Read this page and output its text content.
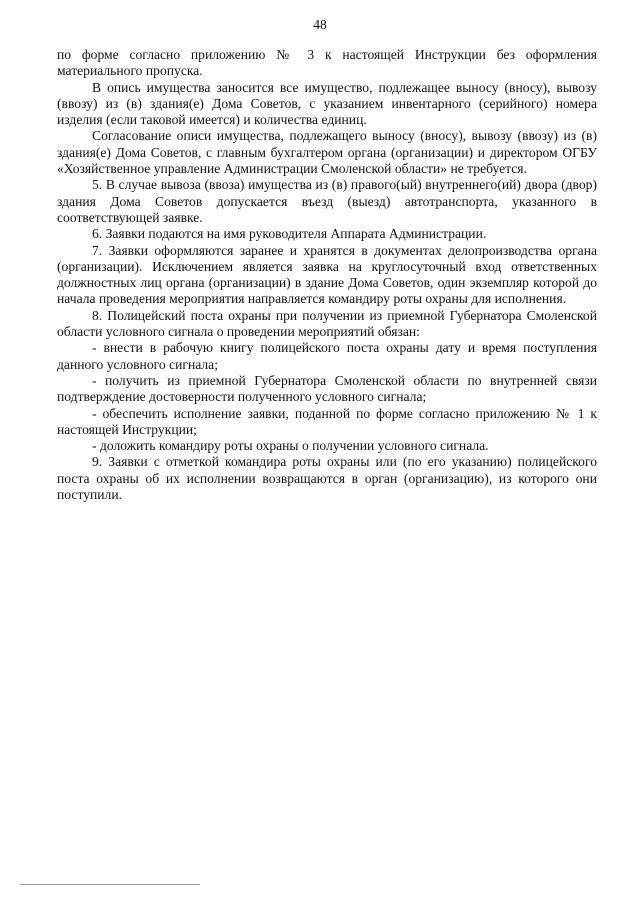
48

по форме согласно приложению № 3 к настоящей Инструкции без оформления материального пропуска.

В опись имущества заносится все имущество, подлежащее выносу (вносу), вывозу (ввозу) из (в) здания(е) Дома Советов, с указанием инвентарного (серийного) номера изделия (если таковой имеется) и количества единиц.

Согласование описи имущества, подлежащего выносу (вносу), вывозу (ввозу) из (в) здания(е) Дома Советов, с главным бухгалтером органа (организации) и директором ОГБУ «Хозяйственное управление Администрации Смоленской области» не требуется.

5. В случае вывоза (ввоза) имущества из (в) правого(ый) внутреннего(ий) двора (двор) здания Дома Советов допускается въезд (выезд) автотранспорта, указанного в соответствующей заявке.

6. Заявки подаются на имя руководителя Аппарата Администрации.

7. Заявки оформляются заранее и хранятся в документах делопроизводства органа (организации). Исключением является заявка на круглосуточный вход ответственных должностных лиц органа (организации) в здание Дома Советов, один экземпляр которой до начала проведения мероприятия направляется командиру роты охраны для исполнения.

8. Полицейский поста охраны при получении из приемной Губернатора Смоленской области условного сигнала о проведении мероприятий обязан:

- внести в рабочую книгу полицейского поста охраны дату и время поступления данного условного сигнала;

- получить из приемной Губернатора Смоленской области по внутренней связи подтверждение достоверности полученного условного сигнала;

- обеспечить исполнение заявки, поданной по форме согласно приложению № 1 к настоящей Инструкции;

- доложить командиру роты охраны о получении условного сигнала.

9. Заявки с отметкой командира роты охраны или (по его указанию) полицейского поста охраны об их исполнении возвращаются в орган (организацию), из которого они поступили.
